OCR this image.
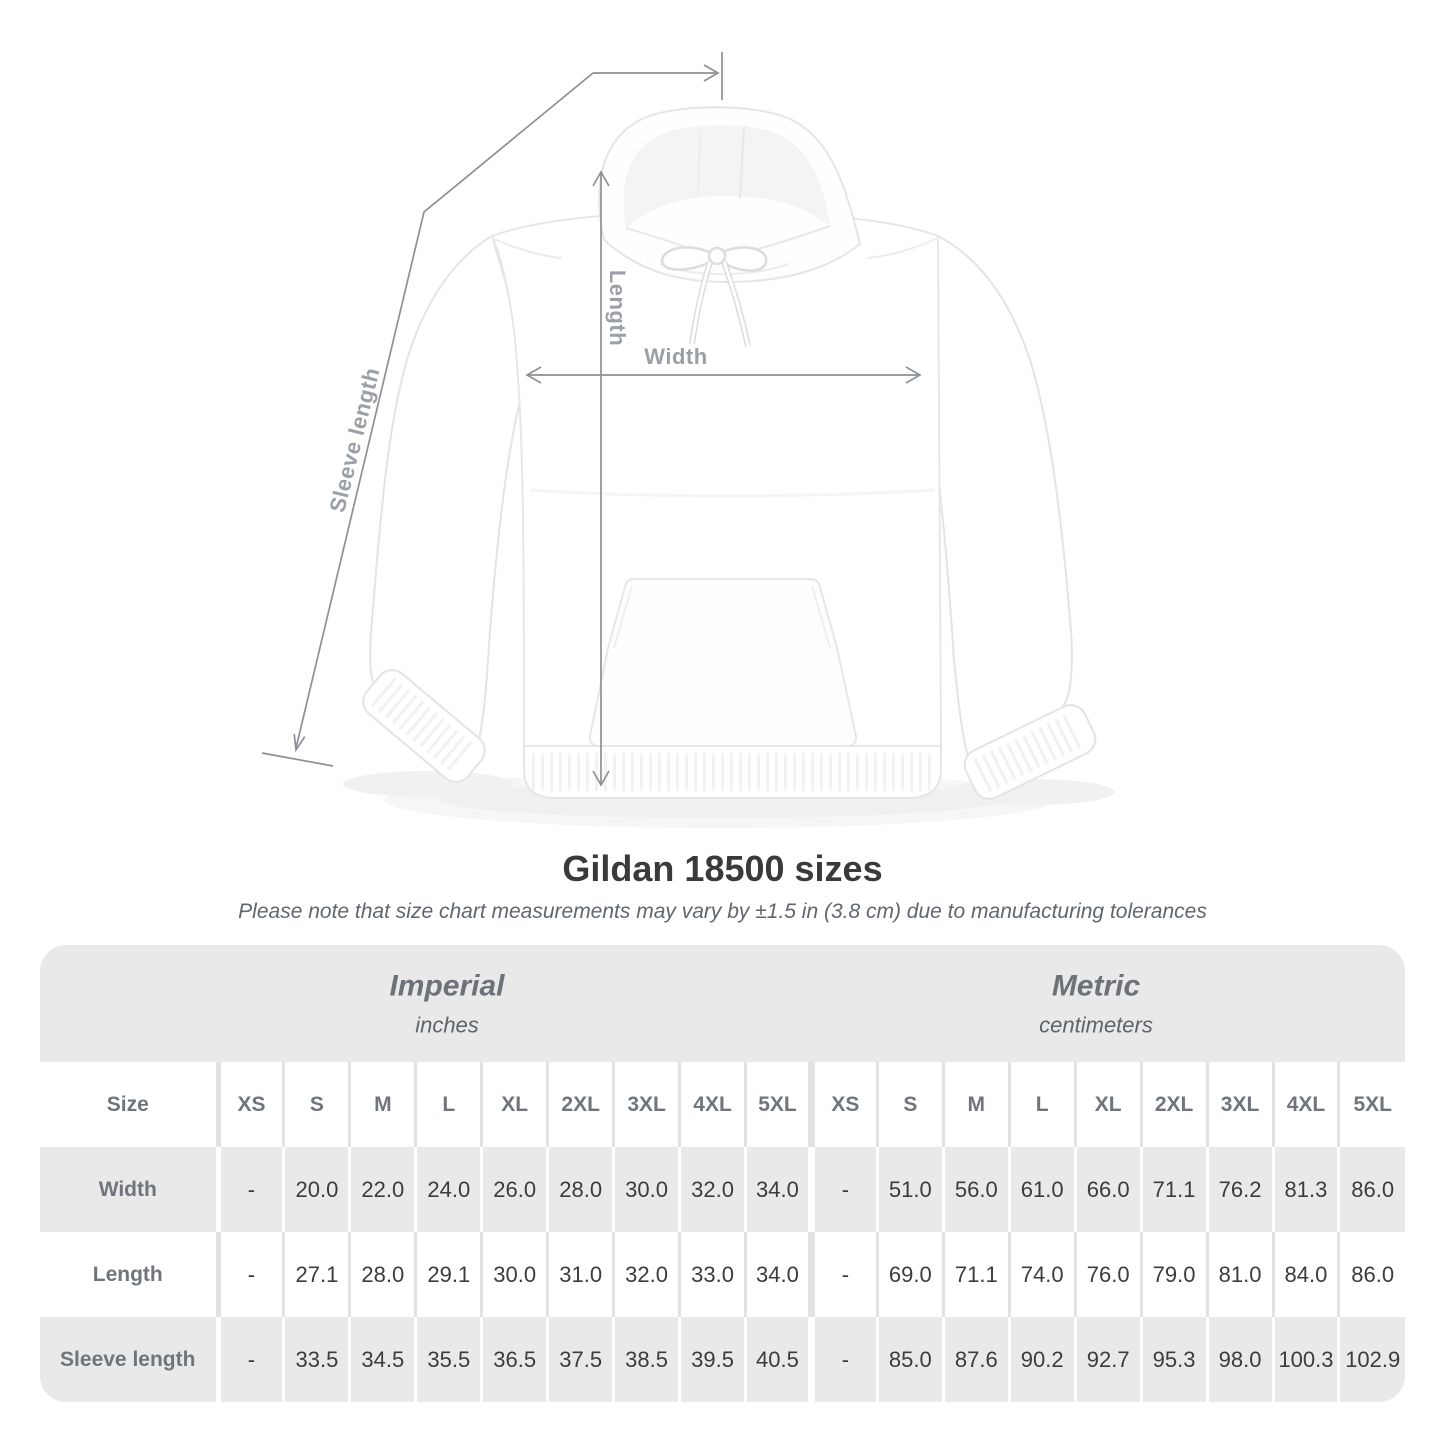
Length
Width
Sleeve length
Gildan 18500 sizes

Please note that size chart measurements may vary by ±1.5 in (3.8 cm) due to manufacturing tolerances

Imperial
inches
Metric
centimeters
Size	XS	S	M	L	XL	2XL	3XL	4XL	5XL	XS	S	M	L	XL	2XL	3XL	4XL	5XL
Width	-	20.0	22.0	24.0	26.0	28.0	30.0	32.0	34.0	-	51.0	56.0	61.0	66.0	71.1	76.2	81.3	86.0
Length	-	27.1	28.0	29.1	30.0	31.0	32.0	33.0	34.0	-	69.0	71.1	74.0	76.0	79.0	81.0	84.0	86.0
Sleeve length	-	33.5	34.5	35.5	36.5	37.5	38.5	39.5	40.5	-	85.0	87.6	90.2	92.7	95.3	98.0	100.3	102.9
